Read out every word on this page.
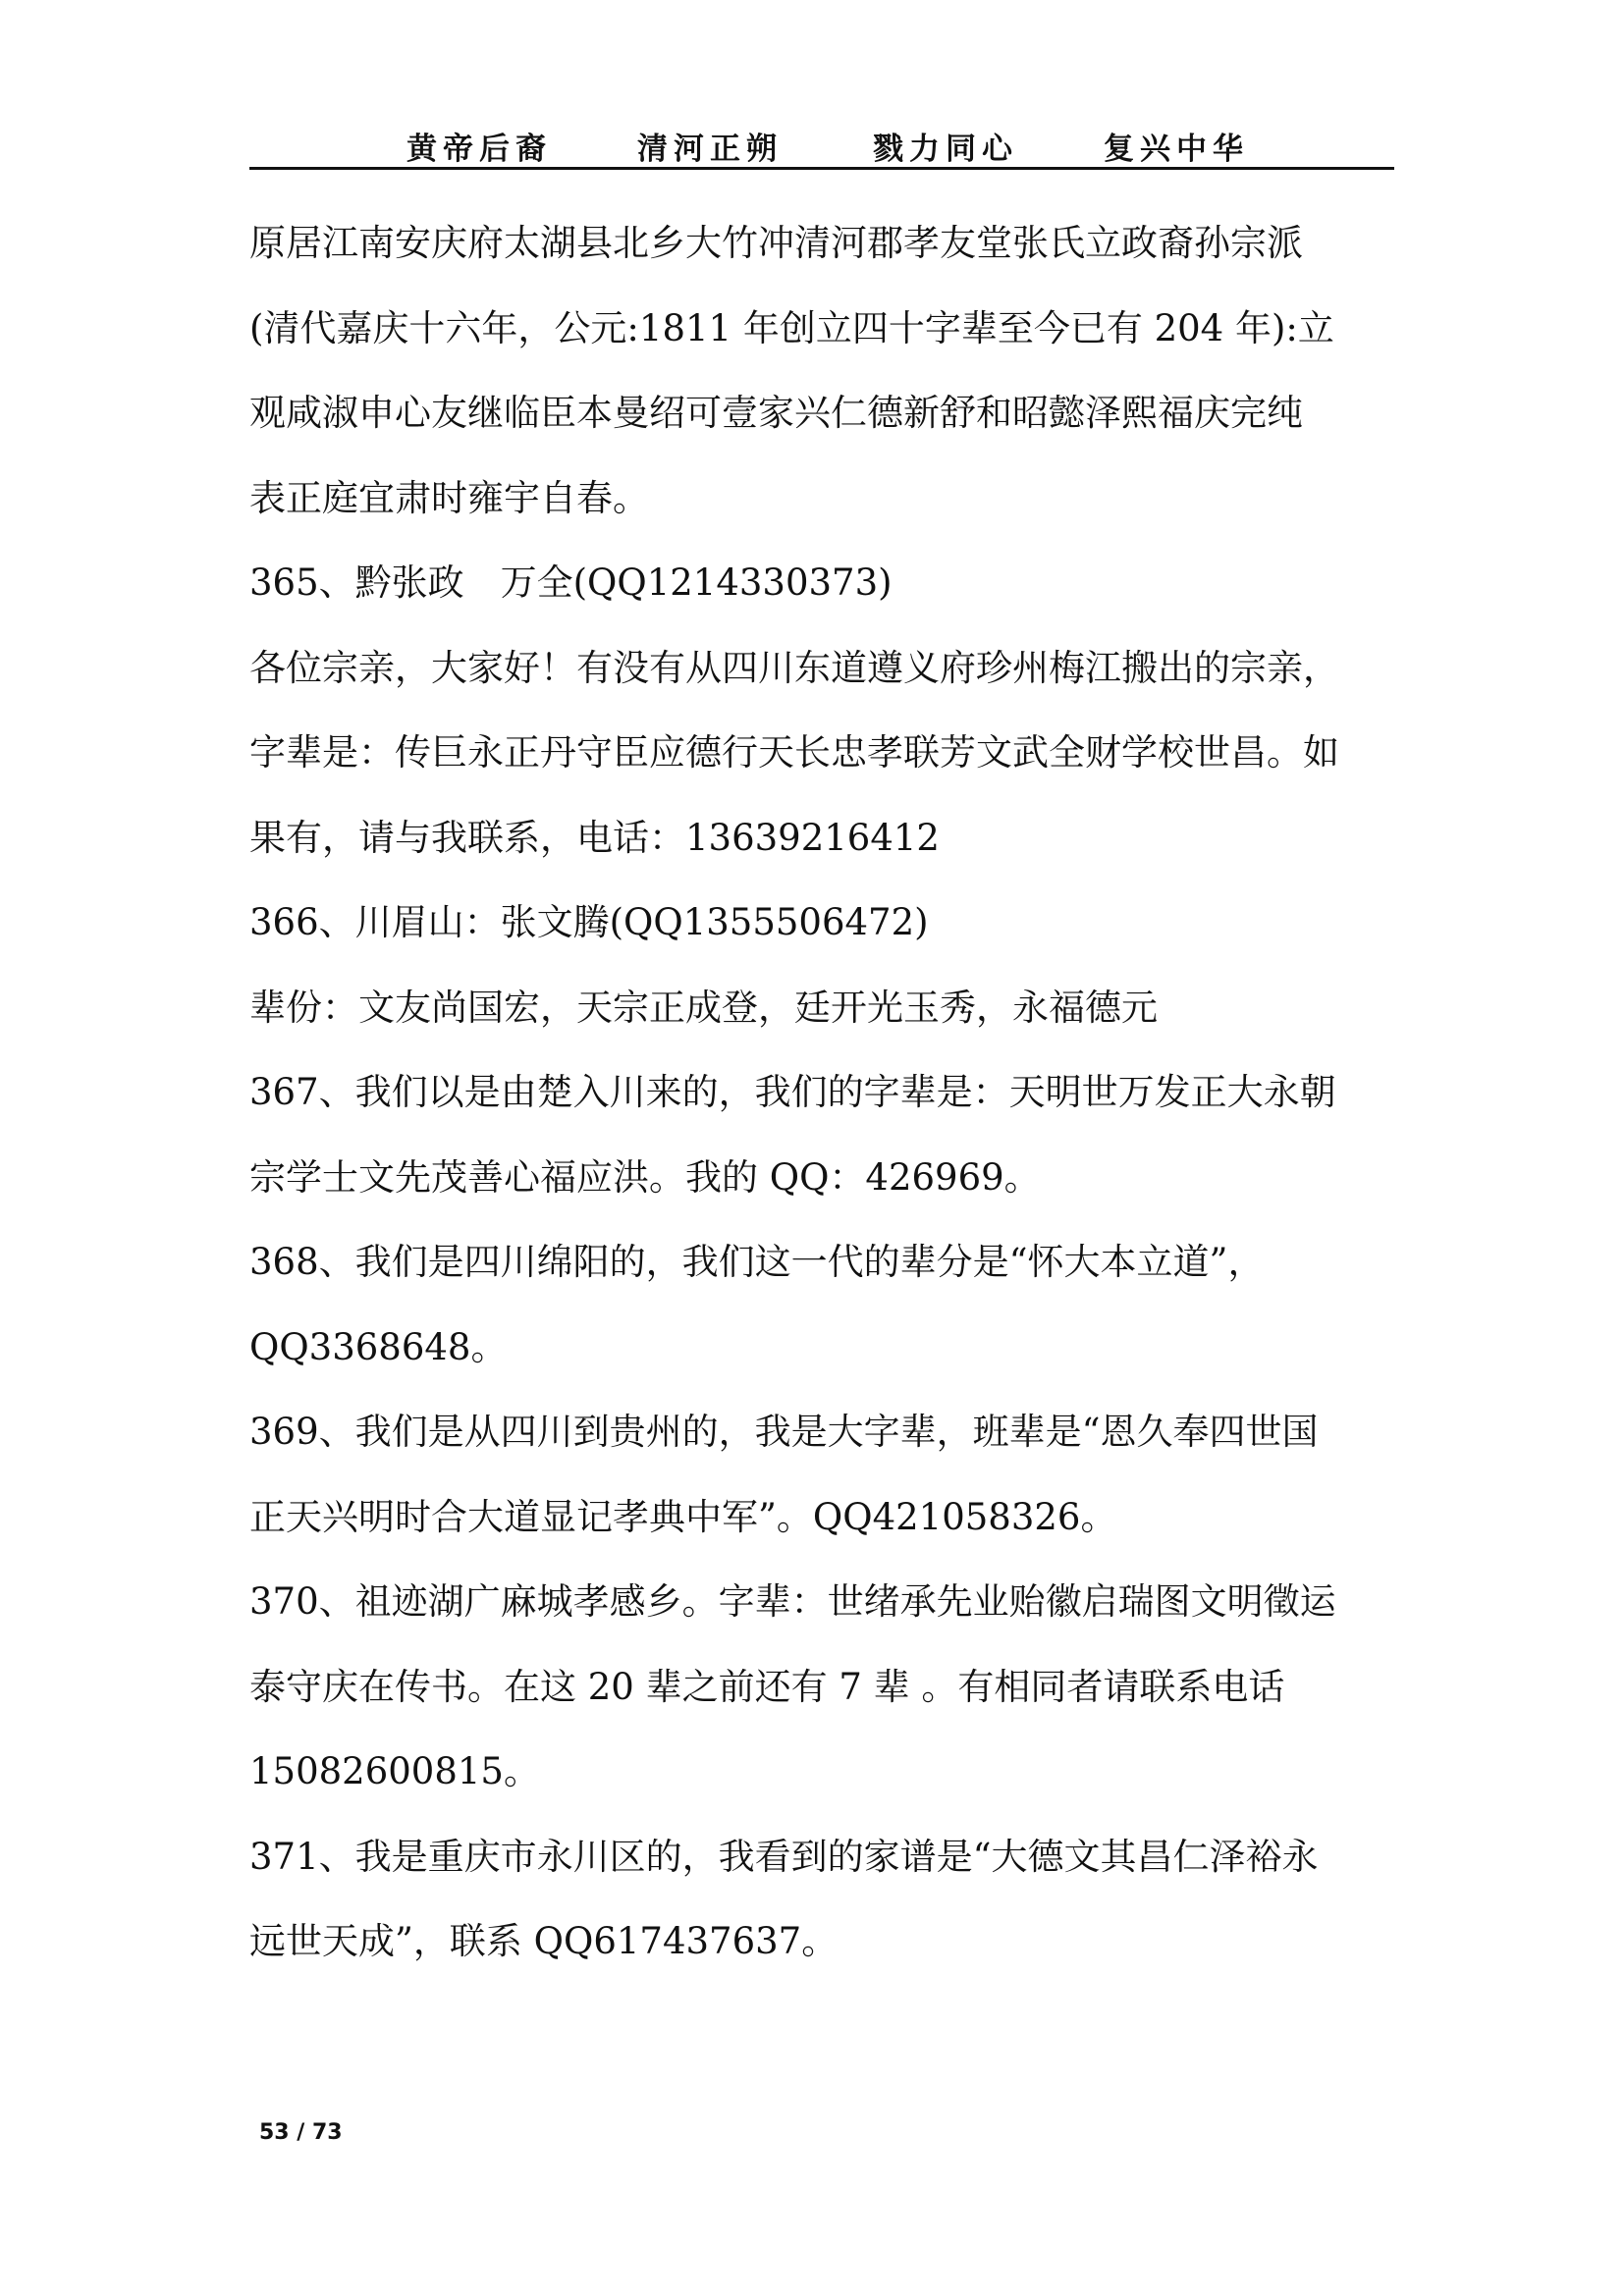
黄帝后裔	清河正朔	戮力同心	复兴中华
原居江南安庆府太湖县北乡大竹冲清河郡孝友堂张氏立政裔孙宗派
(清代嘉庆十六年，公元:1811 年创立四十字辈至今已有 204 年):立
观咸淑申心友继临臣本曼绍可壹家兴仁德新舒和昭懿泽熙福庆完纯
表正庭宜肃时雍宇自春。
365、黔张政　万全(QQ1214330373)
各位宗亲，大家好！有没有从四川东道遵义府珍州梅江搬出的宗亲，
字辈是：传巨永正丹守臣应德行天长忠孝联芳文武全财学校世昌。如
果有，请与我联系，电话：13639216412
366、川眉山：张文腾(QQ1355506472)
辈份：文友尚国宏，天宗正成登，廷开光玉秀，永福德元
367、我们以是由楚入川来的，我们的字辈是：天明世万发正大永朝
宗学士文先茂善心福应洪。我的 QQ：426969。
368、我们是四川绵阳的，我们这一代的辈分是“怀大本立道”，
QQ3368648。
369、我们是从四川到贵州的，我是大字辈，班辈是“恩久奉四世国
正天兴明时合大道显记孝典中军”。QQ421058326。
370、祖迹湖广麻城孝感乡。字辈：世绪承先业贻徽启瑞图文明徵运
泰守庆在传书。在这 20 辈之前还有 7 辈 。有相同者请联系电话
15082600815。
371、我是重庆市永川区的，我看到的家谱是“大德文其昌仁泽裕永
远世天成”，联系 QQ617437637。
53 / 73
